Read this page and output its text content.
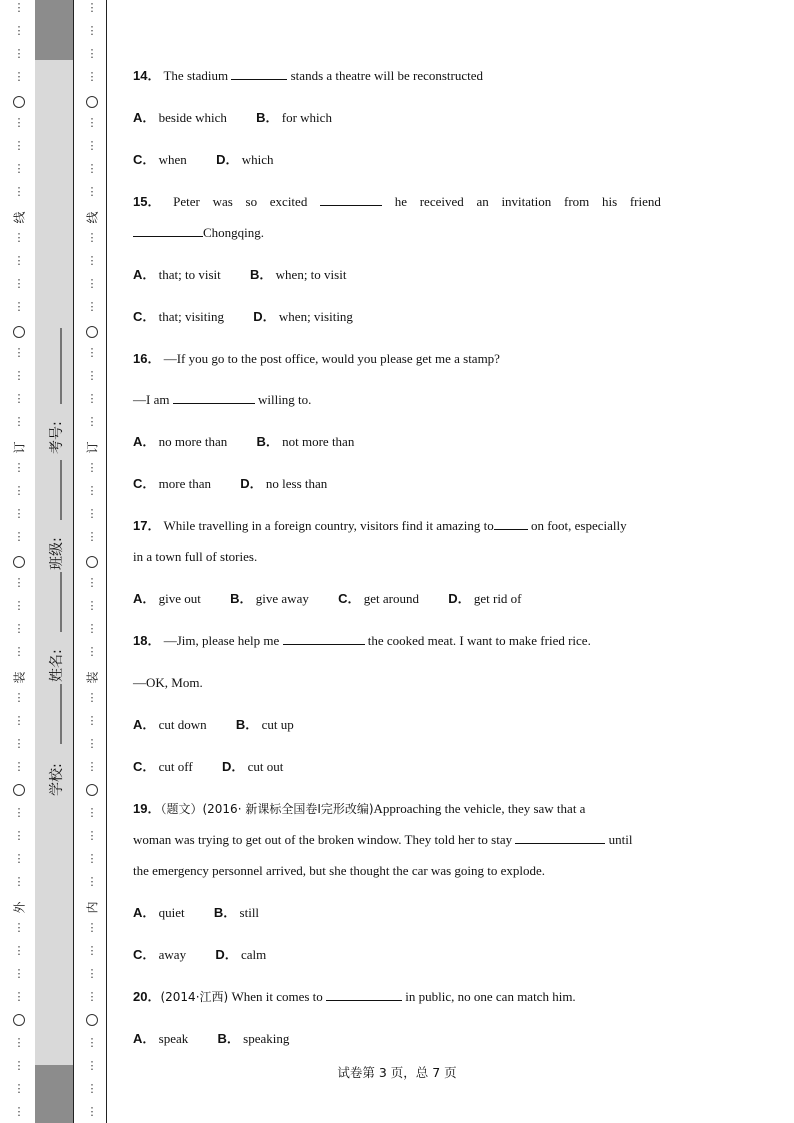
⋮
⋮
⋮
⋮
⋮
⋮
⋮
⋮
⋮
⋮
⋮
⋮
⋮
⋮
⋮
⋮
⋮
⋮
⋮
⋮
⋮
⋮
⋮
⋮
⋮
⋮
⋮
⋮
⋮
⋮
⋮
⋮
⋮
⋮
⋮
⋮
⋮
⋮
⋮
⋮
线
订
装
外
⋮
⋮
⋮
⋮
⋮
⋮
⋮
⋮
⋮
⋮
⋮
⋮
⋮
⋮
⋮
⋮
⋮
⋮
⋮
⋮
⋮
⋮
⋮
⋮
⋮
⋮
⋮
⋮
⋮
⋮
⋮
⋮
⋮
⋮
⋮
⋮
⋮
⋮
⋮
⋮
线
订
装
内
学校:
姓名:
班级:
考号:
14． The stadium	stands a theatre will be reconstructed
A． beside which B． for which
C． when D． which
15． Peter was so excited	he received an invitation from his friend
Chongqing.
A． that; to visit B． when; to visit
C． that; visiting D． when; visiting
16． —If you go to the post office, would you please get me a stamp?
—I am	willing to.
A． no more than B． not more than
C． more than D． no less than
17． While travelling in a foreign country, visitors find it amazing to	on foot, especially
in a town full of stories.
A． give out B． give away C． get around D． get rid of
18． —Jim, please help me	the cooked meat. I want to make fried rice.
—OK, Mom.
A． cut down B． cut up
C． cut off D． cut out
19．（题文）(2016· 新课标全国卷Ⅰ完形改编)Approaching the vehicle, they saw that a
woman was trying to get out of the broken window. They told her to stay	until
the emergency personnel arrived, but she thought the car was going to explode.
A． quiet B． still
C． away D． calm
20．(2014·江西) When it comes to	in public, no one can match him.
A． speak B． speaking
试卷第 3 页，总 7 页
